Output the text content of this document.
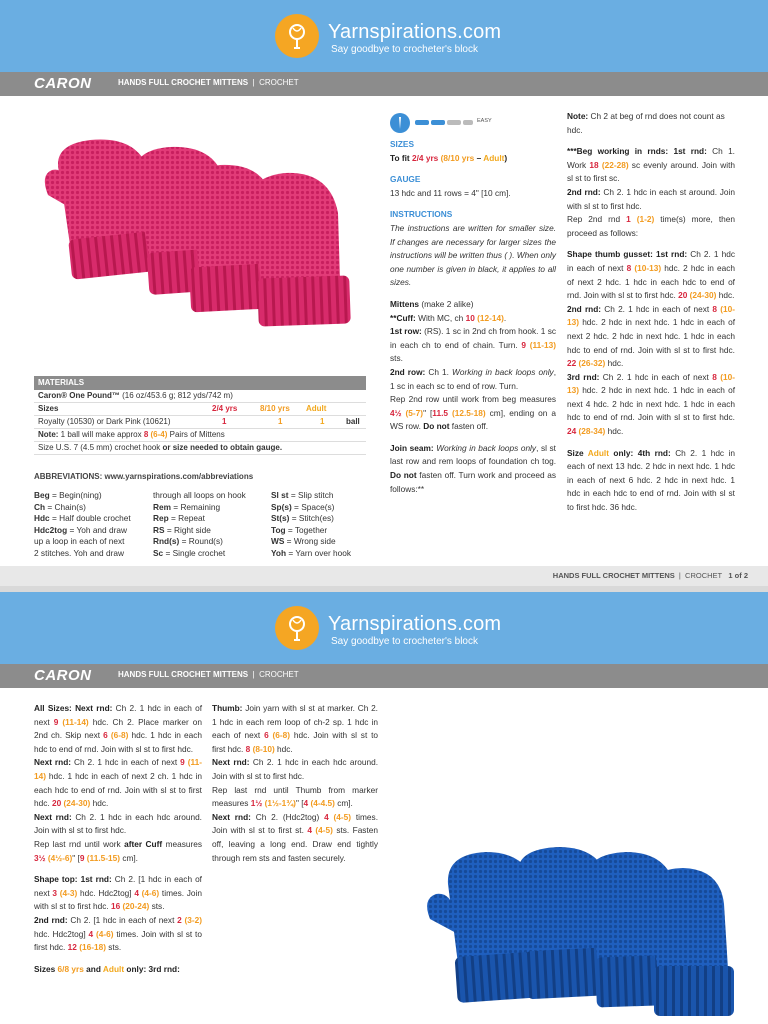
Yarnspirations.com
Say goodbye to crocheter's block
CARON	HANDS FULL CROCHET MITTENS | CROCHET
MATERIALS
Caron® One Pound™ (16 oz/453.6 g; 812 yds/742 m)
Sizes	2/4 yrs	8/10 yrs Adult
Royalty (10530) or Dark Pink (10621)	1	1	1	ball
Note: 1 ball will make approx 8 (6-4) Pairs of Mittens
Size U.S. 7 (4.5 mm) crochet hook or size needed to obtain gauge.
ABBREVIATIONS: www.yarnspirations.com/abbreviations
Beg = Begin(ning)
Ch = Chain(s)
Hdc = Half double crochet
Hdc2tog = Yoh and draw
up a loop in each of next
2 stitches. Yoh and draw
through all loops on hook
Rem = Remaining
Rep = Repeat
RS = Right side
Rnd(s) = Round(s)
Sc = Single crochet
Sl st = Slip stitch
Sp(s) = Space(s)
St(s) = Stitch(es)
Tog = Together
WS = Wrong side
Yoh = Yarn over hook
EASY

SIZES

To fit 2/4 yrs (8/10 yrs – Adult)

GAUGE

13 hdc and 11 rows = 4" [10 cm].

INSTRUCTIONS

The instructions are written for smaller size. If changes are necessary for larger sizes the instructions will be written thus ( ). When only one number is given in black, it applies to all sizes.

Mittens (make 2 alike)
**Cuff: With MC, ch 10 (12-14).
1st row: (RS). 1 sc in 2nd ch from hook. 1 sc in each ch to end of chain. Turn. 9 (11-13) sts.
2nd row: Ch 1. Working in back loops only, 1 sc in each sc to end of row. Turn.
Rep 2nd row until work from beg measures 4½ (5-7)" [11.5 (12.5-18) cm], ending on a WS row. Do not fasten off.

Join seam: Working in back loops only, sl st last row and rem loops of foundation ch tog. Do not fasten off. Turn work and proceed as follows:**

Note: Ch 2 at beg of rnd does not count as hdc.

***Beg working in rnds: 1st rnd: Ch 1. Work 18 (22-28) sc evenly around. Join with sl st to first sc.
2nd rnd: Ch 2. 1 hdc in each st around. Join with sl st to first hdc.
Rep 2nd rnd 1 (1-2) time(s) more, then proceed as follows:

Shape thumb gusset: 1st rnd: Ch 2. 1 hdc in each of next 8 (10-13) hdc. 2 hdc in each of next 2 hdc. 1 hdc in each hdc to end of rnd. Join with sl st to first hdc. 20 (24-30) hdc.
2nd rnd: Ch 2. 1 hdc in each of next 8 (10-13) hdc. 2 hdc in next hdc. 1 hdc in each of next 2 hdc. 2 hdc in next hdc. 1 hdc in each hdc to end of rnd. Join with sl st to first hdc. 22 (26-32) hdc.
3rd rnd: Ch 2. 1 hdc in each of next 8 (10-13) hdc. 2 hdc in next hdc. 1 hdc in each of next 4 hdc. 2 hdc in next hdc. 1 hdc in each hdc to end of rnd. Join with sl st to first hdc. 24 (28-34) hdc.

Size Adult only: 4th rnd: Ch 2. 1 hdc in each of next 13 hdc. 2 hdc in next hdc. 1 hdc in each of next 6 hdc. 2 hdc in next hdc. 1 hdc in each hdc to end of rnd. Join with sl st to first hdc. 36 hdc.

HANDS FULL CROCHET MITTENS | CROCHET 1 of 2
Yarnspirations.com
Say goodbye to crocheter's block
CARON	HANDS FULL CROCHET MITTENS | CROCHET

All Sizes: Next rnd: Ch 2. 1 hdc in each of next 9 (11-14) hdc. Ch 2. Place marker on 2nd ch. Skip next 6 (6-8) hdc. 1 hdc in each hdc to end of rnd. Join with sl st to first hdc.
Next rnd: Ch 2. 1 hdc in each of next 9 (11-14) hdc. 1 hdc in each of next 2 ch. 1 hdc in each hdc to end of rnd. Join with sl st to first hdc. 20 (24-30) hdc.
Next rnd: Ch 2. 1 hdc in each hdc around. Join with sl st to first hdc.
Rep last rnd until work after Cuff measures 3½ (4½-6)" [9 (11.5-15) cm].

Shape top: 1st rnd: Ch 2. [1 hdc in each of next 3 (4-3) hdc. Hdc2tog] 4 (4-6) times. Join with sl st to first hdc. 16 (20-24) sts.
2nd rnd: Ch 2. [1 hdc in each of next 2 (3-2) hdc. Hdc2tog] 4 (4-6) times. Join with sl st to first hdc. 12 (16-18) sts.

Sizes 6/8 yrs and Adult only: 3rd rnd:

Thumb: Join yarn with sl st at marker. Ch 2. 1 hdc in each rem loop of ch-2 sp. 1 hdc in each of next 6 (6-8) hdc. Join with sl st to first hdc. 8 (8-10) hdc.
Next rnd: Ch 2. 1 hdc in each hdc around. Join with sl st to first hdc.
Rep last rnd until Thumb from marker measures 1½ (1½-1¾)" [4 (4-4.5) cm].
Next rnd: Ch 2. (Hdc2tog) 4 (4-5) times. Join with sl st to first st. 4 (4-5) sts. Fasten off, leaving a long end. Draw end tightly through rem sts and fasten securely.
